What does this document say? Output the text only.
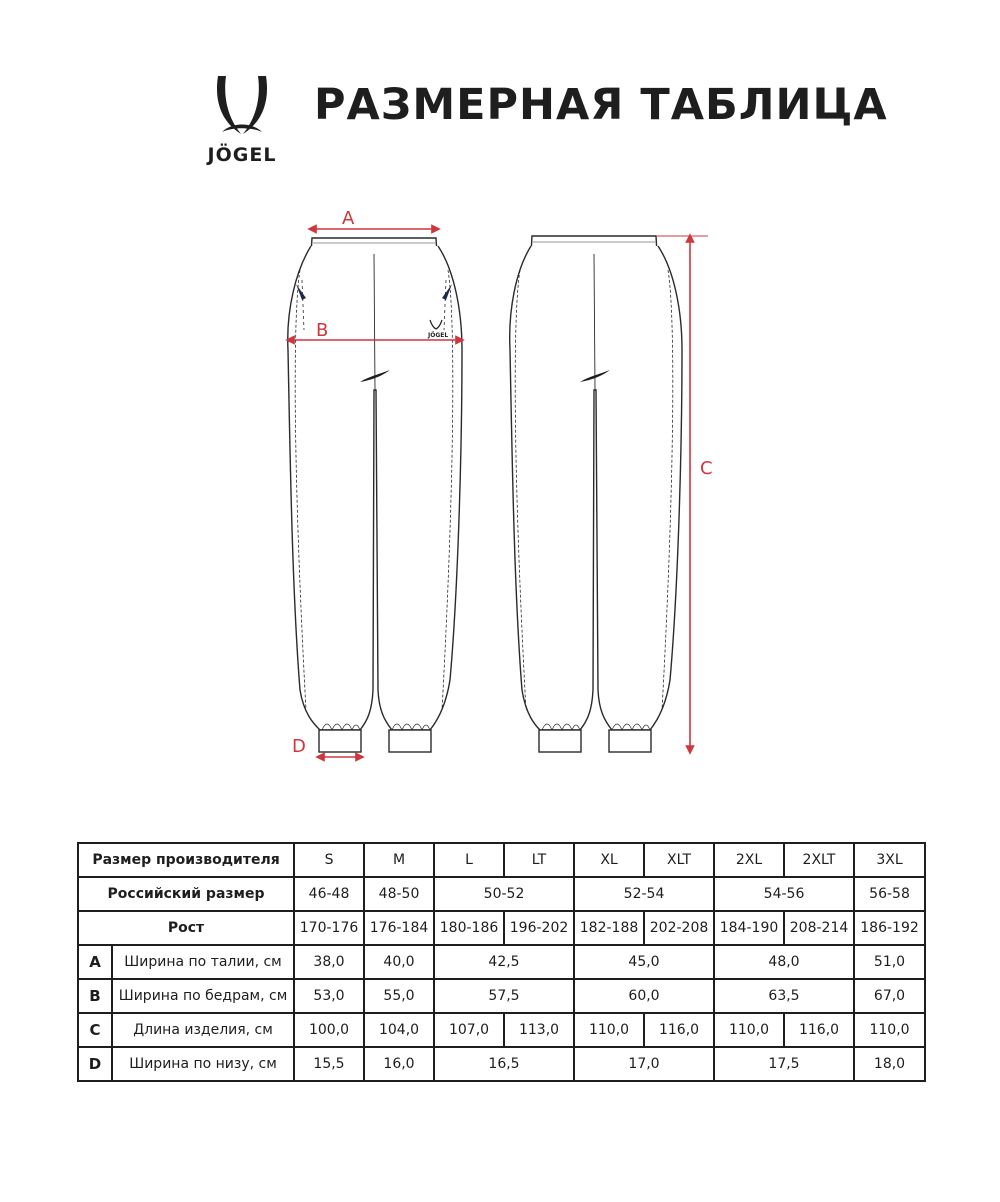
JÖGEL
РАЗМЕРНАЯ ТАБЛИЦА
JÖGEL
A
B
C
D
Размер производителя		S	M	L	LT	XL	XLT	2XL	2XLT	3XL
Российский размер		46-48	48-50	50-52		52-54		54-56		56-58
Рост		170-176	176-184	180-186	196-202	182-188	202-208	184-190	208-214	186-192
A	Ширина по талии, см	38,0	40,0	42,5		45,0		48,0		51,0
B	Ширина по бедрам, см	53,0	55,0	57,5		60,0		63,5		67,0
C	Длина изделия, см	100,0	104,0	107,0	113,0	110,0	116,0	110,0	116,0	110,0
D	Ширина по низу, см	15,5	16,0	16,5		17,0		17,5		18,0
